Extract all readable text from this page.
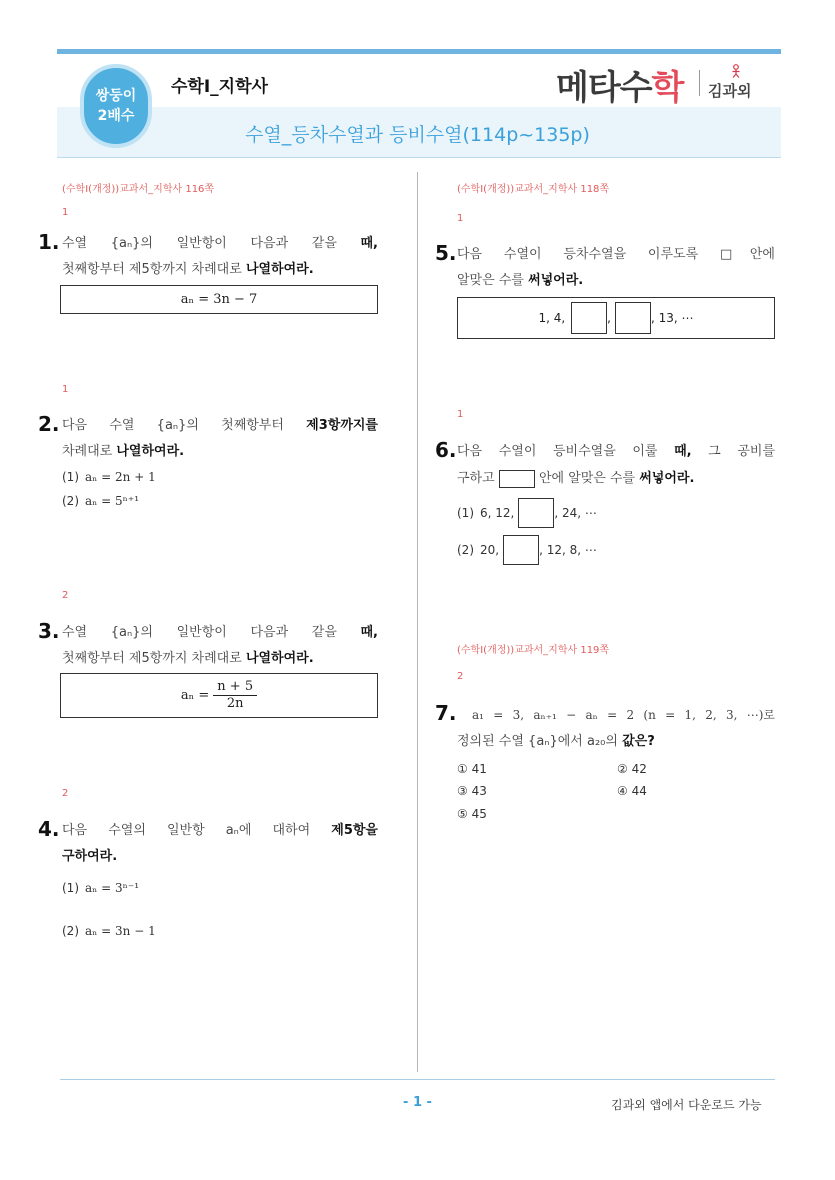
쌍둥이
2배수
수학Ⅰ_지학사	메타수학 김과외
수열_등차수열과 등비수열(114p~135p)
(수학I(개정))교과서_지학사 116쪽
1
1. 수열 {aₙ}의 일반항이 다음과 같을 때,
첫째항부터 제5항까지 차례대로 나열하여라.
aₙ = 3n − 7
1
2. 다음 수열 {aₙ}의 첫째항부터 제3항까지를
차례대로 나열하여라.
(1) aₙ = 2n + 1
(2) aₙ = 5ⁿ⁺¹
2
3. 수열 {aₙ}의 일반항이 다음과 같을 때,
첫째항부터 제5항까지 차례대로 나열하여라.
$a_n = \frac{n + 5}{2n}$
2
4. 다음 수열의 일반항 aₙ에 대하여 제5항을
구하여라.
(1) aₙ = 3ⁿ⁻¹
(2) aₙ = 3n − 1
(수학I(개정))교과서_지학사 118쪽
1
5. 다음 수열이 등차수열을 이루도록 □안에
알맞은 수를 써넣어라.
1, 4,	,	, 13, ⋯
1
6. 다음 수열이 등비수열을 이룰 때, 그 공비를
구하고	안에 알맞은 수를 써넣어라.
(1) 6, 12,	, 24, ⋯
(2) 20,	, 12, 8, ⋯
(수학I(개정))교과서_지학사 119쪽
2
7. a₁ = 3, aₙ₊₁ − aₙ = 2 (n = 1, 2, 3, ⋯)로
정의된 수열 {aₙ}에서 a₂₀의 값은?
① 41	② 42
③ 43	④ 44
⑤ 45
- 1 -	김과외 앱에서 다운로드 가능
